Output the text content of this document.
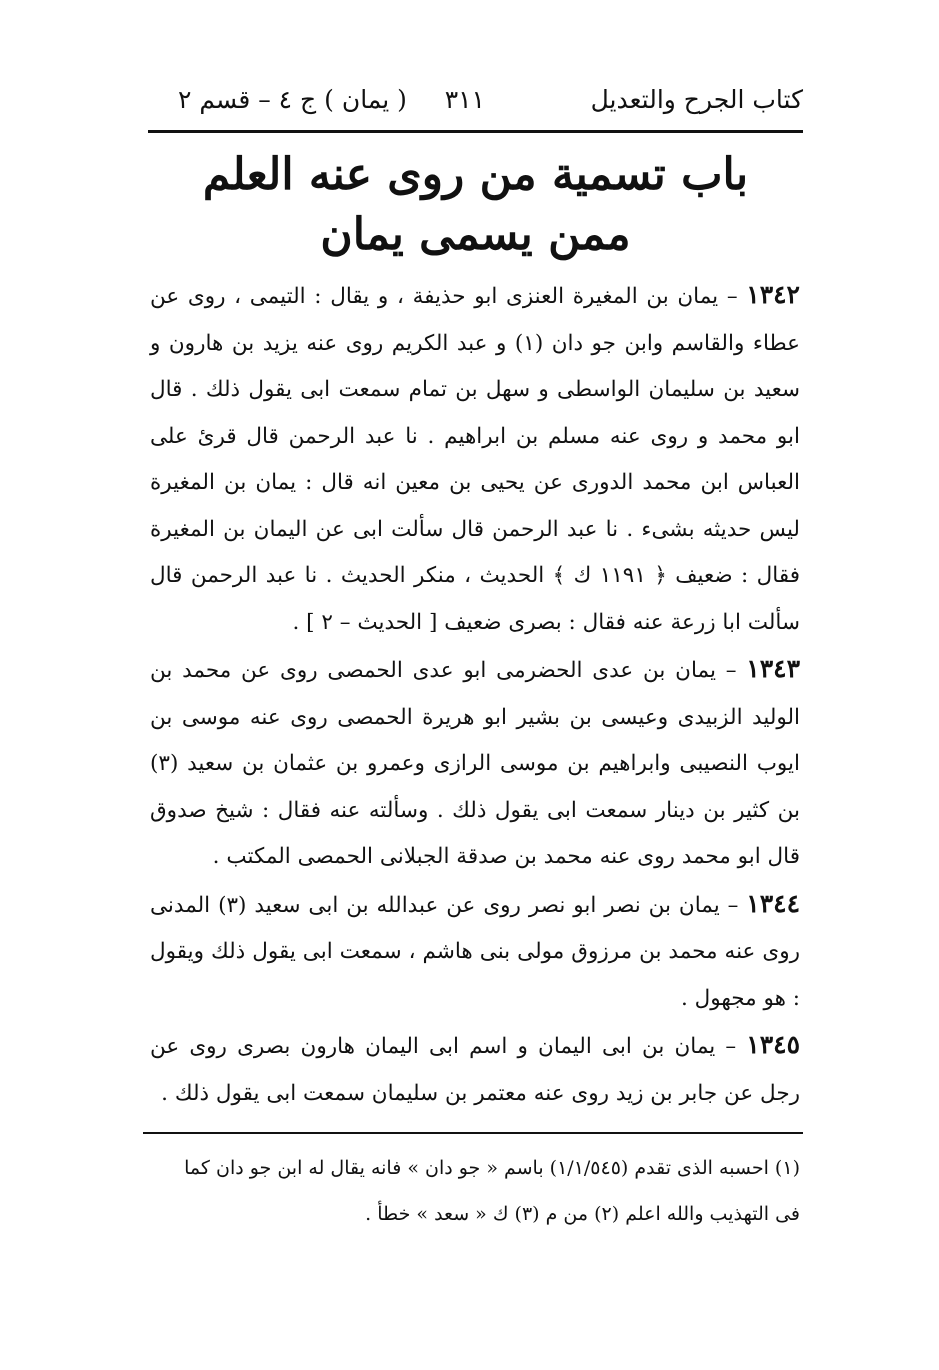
كتاب الجرح والتعديل
٣١١
( يمان ) ج ٤ – قسم ٢
باب تسمية من روى عنه العلم
ممن يسمى يمان

١٣٤٢ – يمان بن المغيرة العنزى ابو حذيفة ، و يقال : التيمى ، روى عن عطاء والقاسم وابن جو دان (١) و عبد الكريم روى عنه يزيد بن هارون و سعيد بن سليمان الواسطى و سهل بن تمام سمعت ابى يقول ذلك . قال ابو محمد و روى عنه مسلم بن ابراهيم . نا عبد الرحمن قال قرئ على العباس ابن محمد الدورى عن يحيى بن معين انه قال : يمان بن المغيرة ليس حديثه بشىء . نا عبد الرحمن قال سألت ابى عن اليمان بن المغيرة فقال : ضعيف ﴿ ١١٩١ ك ﴾ الحديث ، منكر الحديث . نا عبد الرحمن قال سألت ابا زرعة عنه فقال : بصرى ضعيف [ الحديث – ٢ ] .

١٣٤٣ – يمان بن عدى الحضرمى ابو عدى الحمصى روى عن محمد بن الوليد الزبيدى وعيسى بن بشير ابو هريرة الحمصى روى عنه موسى بن ايوب النصيبى وابراهيم بن موسى الرازى وعمرو بن عثمان بن سعيد (٣) بن كثير بن دينار سمعت ابى يقول ذلك . وسألته عنه فقال : شيخ صدوق قال ابو محمد روى عنه محمد بن صدقة الجبلانى الحمصى المكتب .

١٣٤٤ – يمان بن نصر ابو نصر روى عن عبدالله بن ابى سعيد (٣) المدنى روى عنه محمد بن مرزوق مولى بنى هاشم ، سمعت ابى يقول ذلك ويقول : هو مجهول .

١٣٤٥ – يمان بن ابى اليمان و اسم ابى اليمان هارون بصرى روى عن رجل عن جابر بن زيد روى عنه معتمر بن سليمان سمعت ابى يقول ذلك .

(١) احسبه الذى تقدم (١/١/٥٤٥) باسم « جو دان » فانه يقال له ابن جو دان كما

فى التهذيب والله اعلم (٢) من م (٣) ك « سعد » خطأ .
